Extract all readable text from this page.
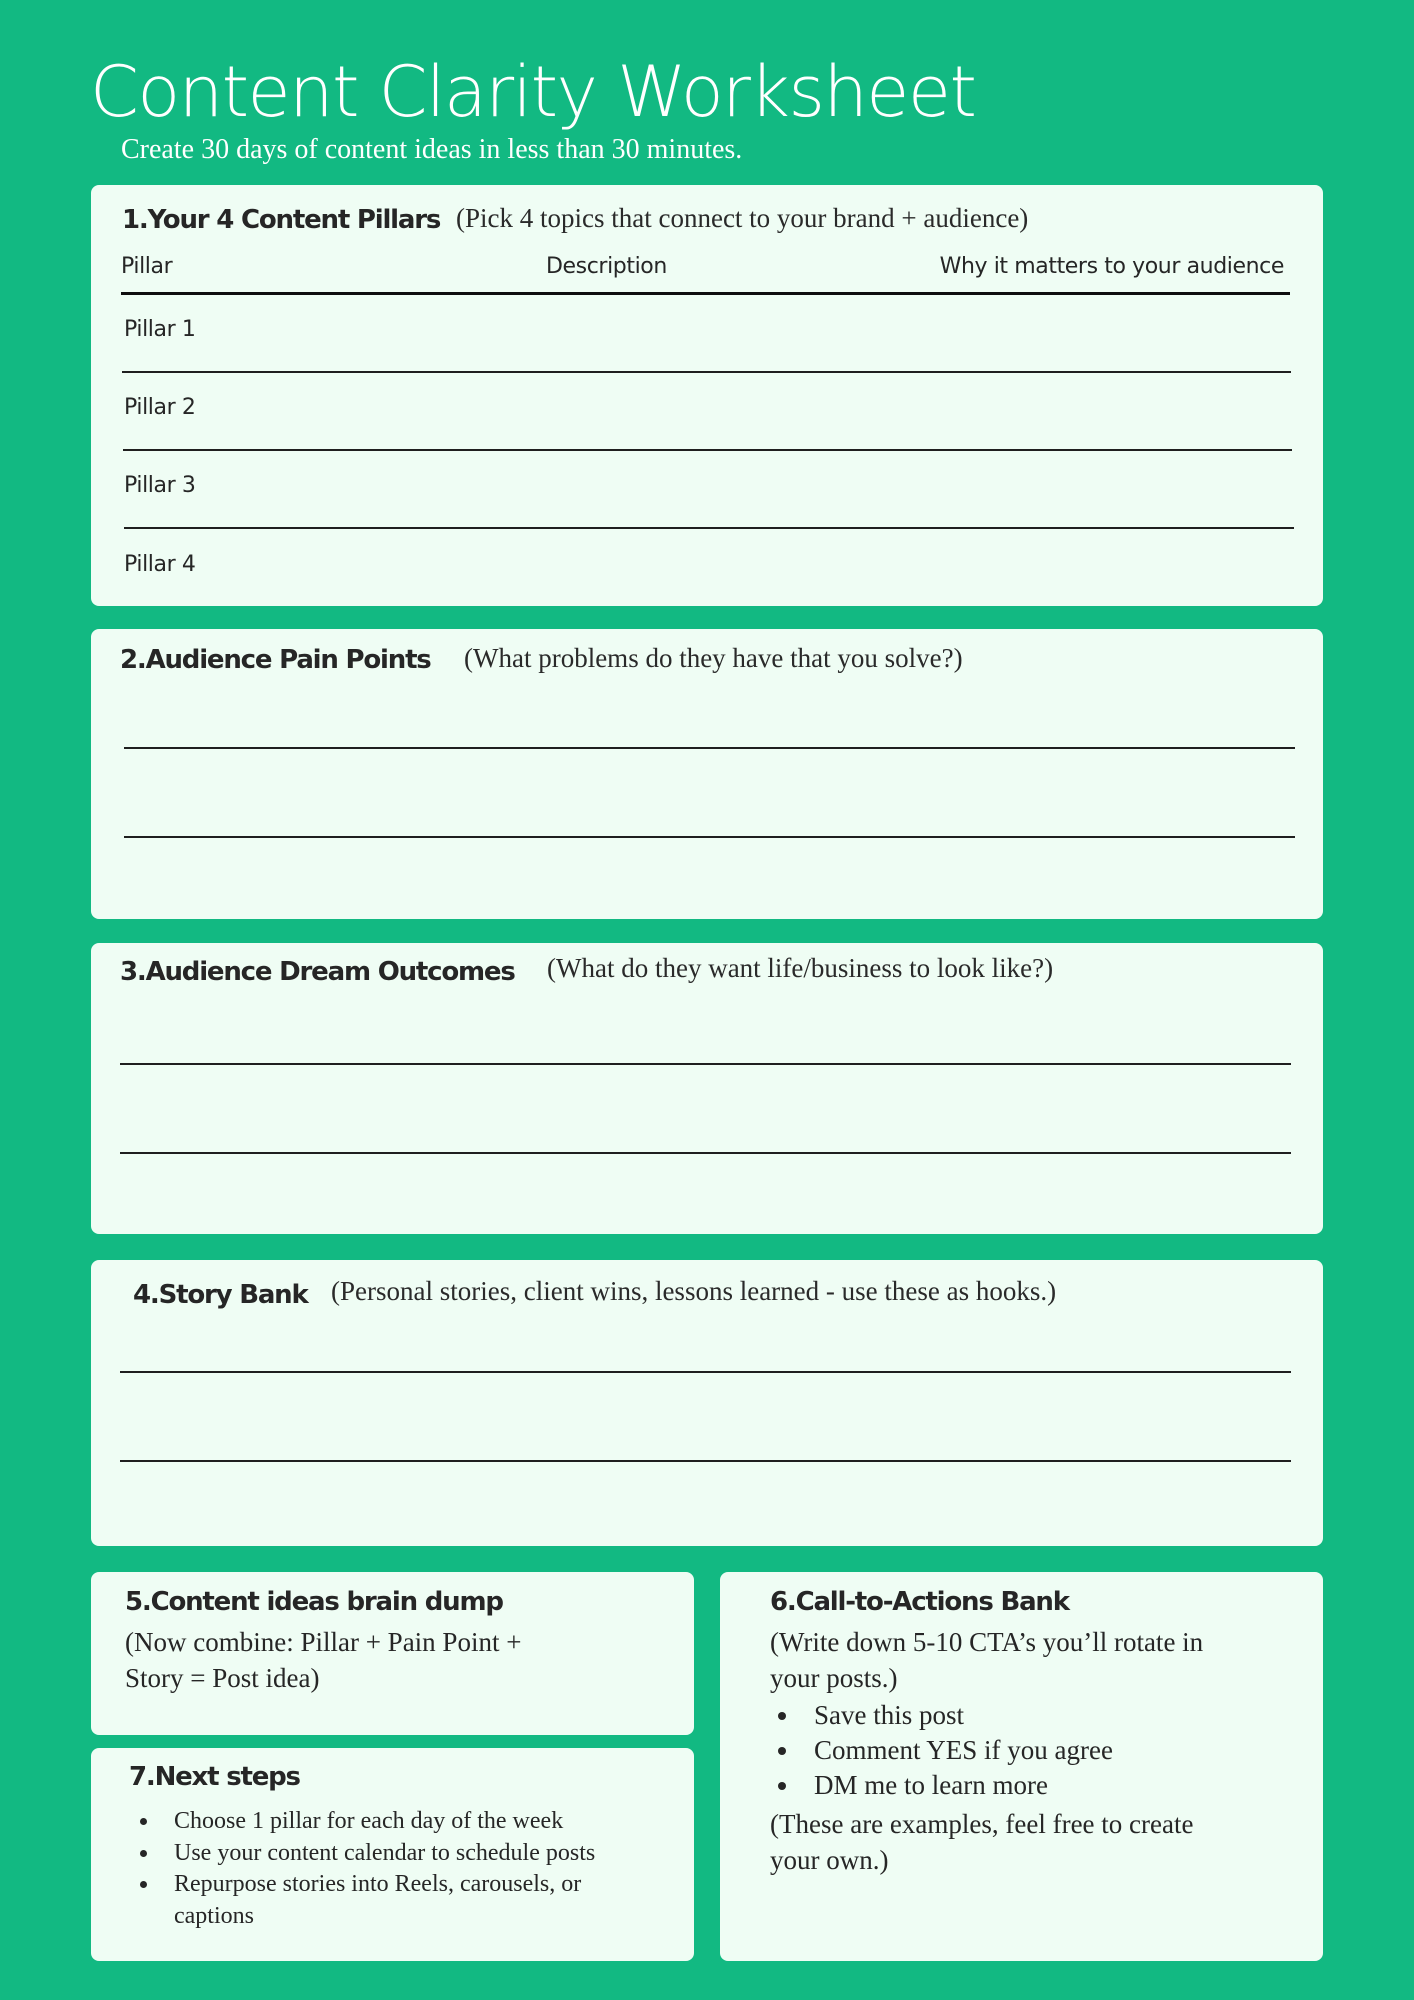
Content Clarity Worksheet
Create 30 days of content ideas in less than 30 minutes.
1.Your 4 Content Pillars (Pick 4 topics that connect to your brand + audience)
Pillar	Description	Why it matters to your audience
Pillar 1
Pillar 2
Pillar 3
Pillar 4
2.Audience Pain Points (What problems do they have that you solve?)
3.Audience Dream Outcomes (What do they want life/business to look like?)
4.Story Bank (Personal stories, client wins, lessons learned - use these as hooks.)
5.Content ideas brain dump
(Now combine: Pillar + Pain Point +
Story = Post idea)
7.Next steps
Choose 1 pillar for each day of the week
Use your content calendar to schedule posts
Repurpose stories into Reels, carousels, or captions
6.Call-to-Actions Bank
(Write down 5-10 CTA’s you’ll rotate in
your posts.)
Save this post
Comment YES if you agree
DM me to learn more
(These are examples, feel free to create
your own.)
